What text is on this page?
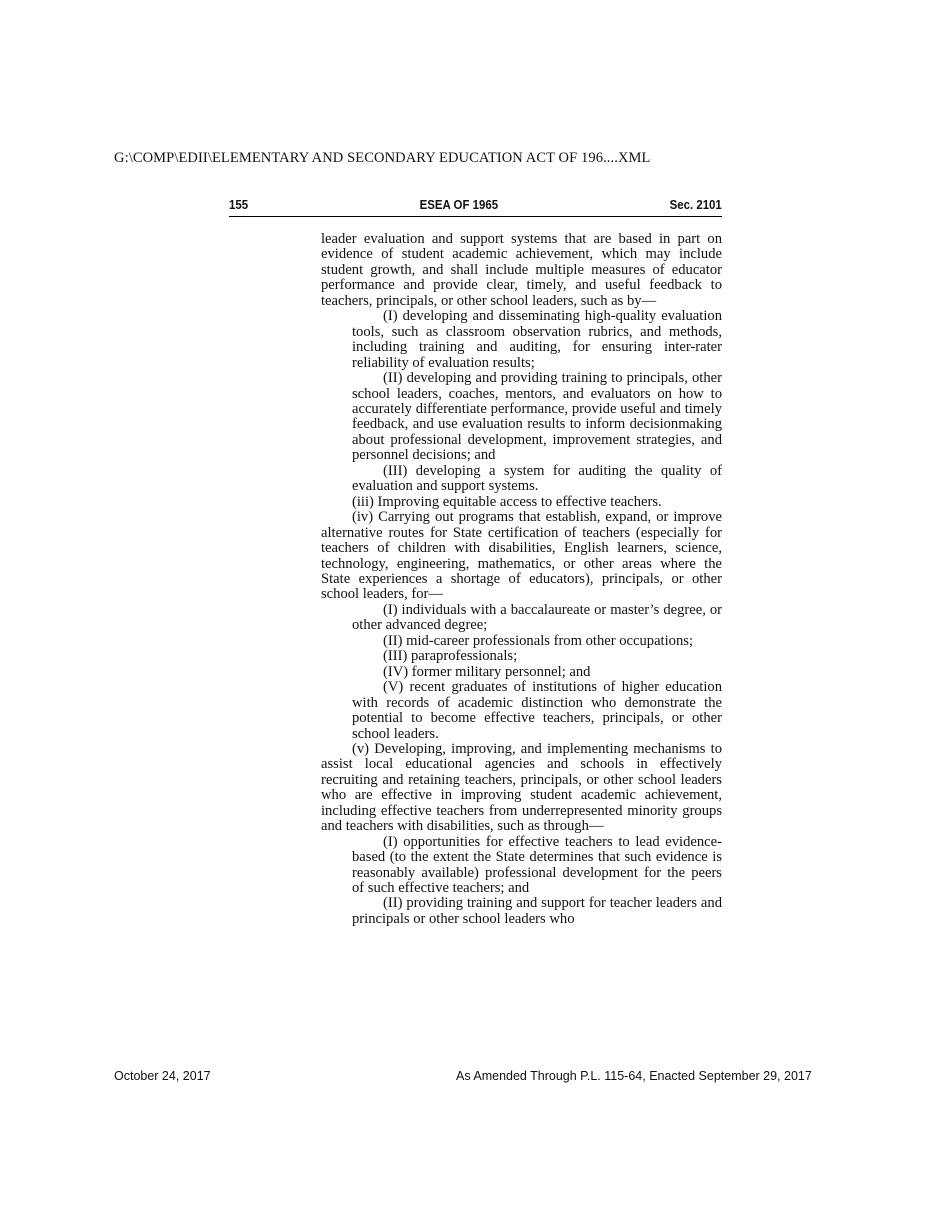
G:\COMP\EDII\ELEMENTARY AND SECONDARY EDUCATION ACT OF 196....XML
155	ESEA OF 1965	Sec. 2101

leader evaluation and support systems that are based in part on evidence of student academic achievement, which may include student growth, and shall include multiple measures of educator performance and provide clear, timely, and useful feedback to teachers, principals, or other school leaders, such as by—

(I) developing and disseminating high-quality evaluation tools, such as classroom observation rubrics, and methods, including training and auditing, for ensuring inter-rater reliability of evaluation results;

(II) developing and providing training to principals, other school leaders, coaches, mentors, and evaluators on how to accurately differentiate performance, provide useful and timely feedback, and use evaluation results to inform decisionmaking about professional development, improvement strategies, and personnel decisions; and

(III) developing a system for auditing the quality of evaluation and support systems.

(iii) Improving equitable access to effective teachers.

(iv) Carrying out programs that establish, expand, or improve alternative routes for State certification of teachers (especially for teachers of children with disabilities, English learners, science, technology, engineering, mathematics, or other areas where the State experiences a shortage of educators), principals, or other school leaders, for—

(I) individuals with a baccalaureate or master’s degree, or other advanced degree;

(II) mid-career professionals from other occupations;

(III) paraprofessionals;

(IV) former military personnel; and

(V) recent graduates of institutions of higher education with records of academic distinction who demonstrate the potential to become effective teachers, principals, or other school leaders.

(v) Developing, improving, and implementing mechanisms to assist local educational agencies and schools in effectively recruiting and retaining teachers, principals, or other school leaders who are effective in improving student academic achievement, including effective teachers from underrepresented minority groups and teachers with disabilities, such as through—

(I) opportunities for effective teachers to lead evidence-based (to the extent the State determines that such evidence is reasonably available) professional development for the peers of such effective teachers; and

(II) providing training and support for teacher leaders and principals or other school leaders who

October 24, 2017	As Amended Through P.L. 115-64, Enacted September 29, 2017
